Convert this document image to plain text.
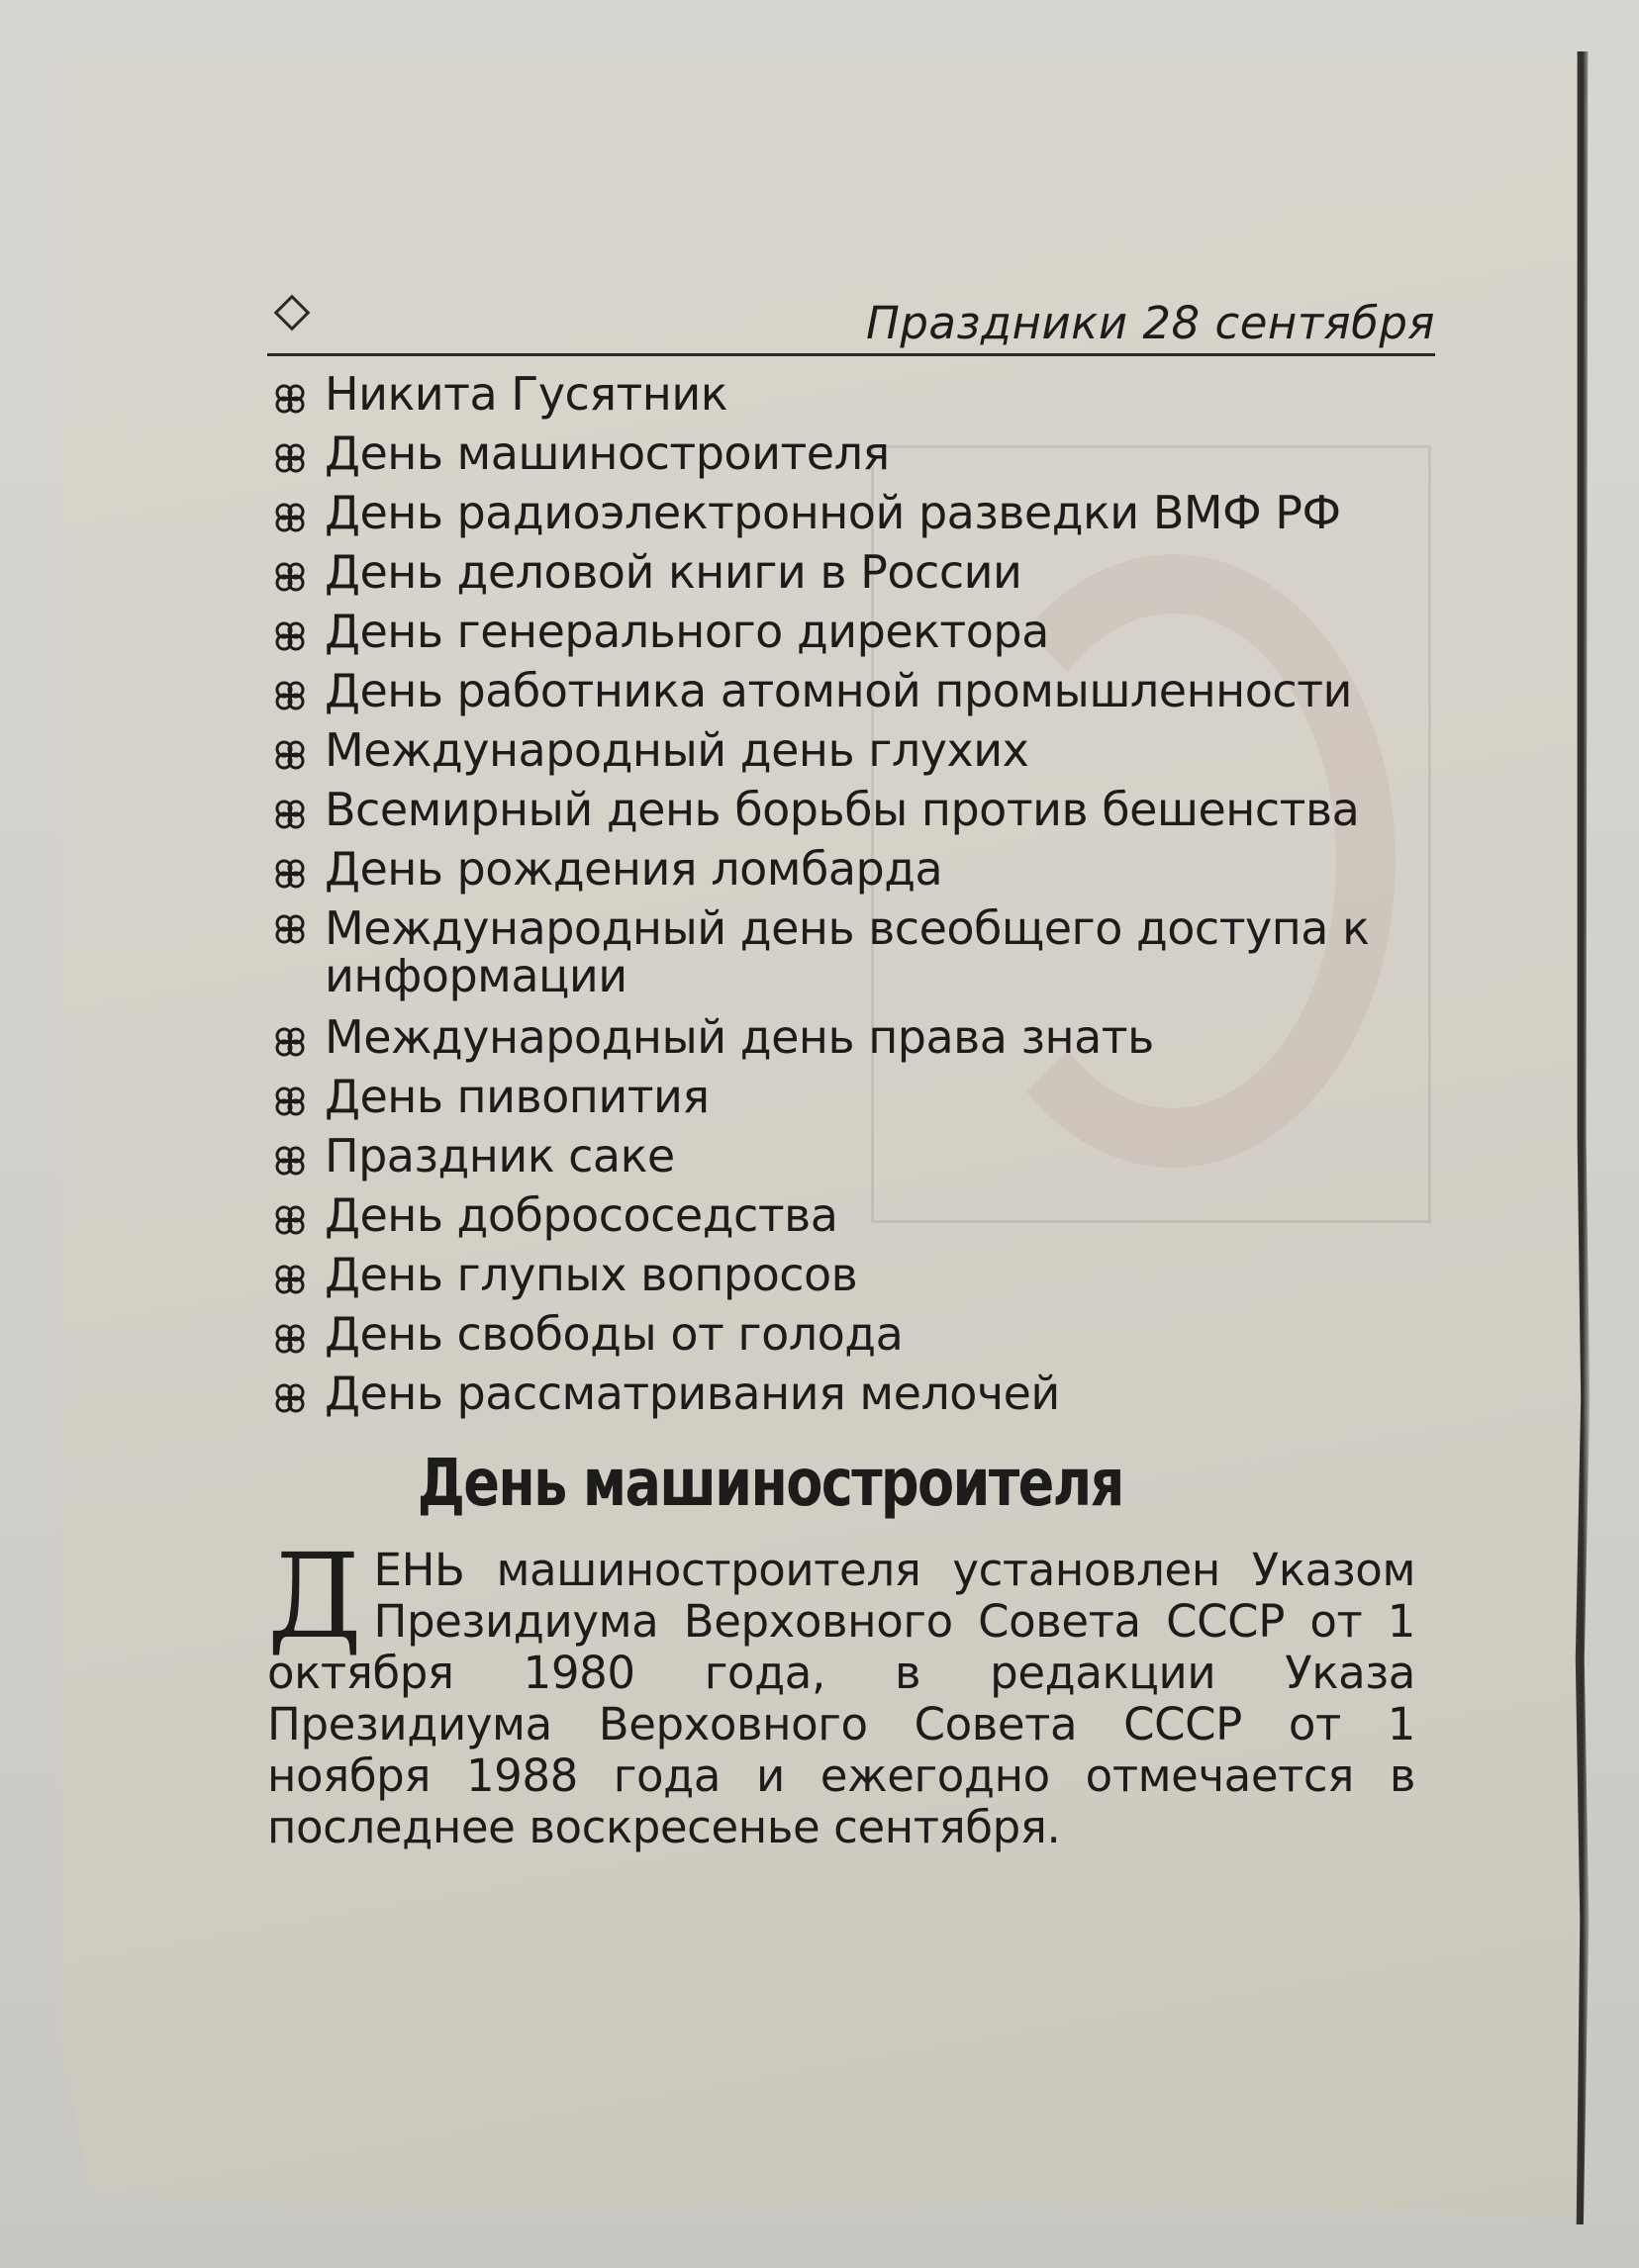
Праздники 28 сентября
Никита Гусятник
День машиностроителя
День радиоэлектронной разведки ВМФ РФ
День деловой книги в России
День генерального директора
День работника атомной промышленности
Международный день глухих
Всемирный день борьбы против бешенства
День рождения ломбарда
Международный день всеобщего доступа к информации
Международный день права знать
День пивопития
Праздник саке
День добрососедства
День глупых вопросов
День свободы от голода
День рассматривания мелочей
День машиностроителя
Д ЕНЬ машиностроителя установлен Указом Президиума Верховного Совета СССР от 1 октября 1980 года, в редакции Указа Президиума Верховного Совета СССР от 1 ноября 1988 года и ежегодно отмечается в последнее воскресенье сентября.
